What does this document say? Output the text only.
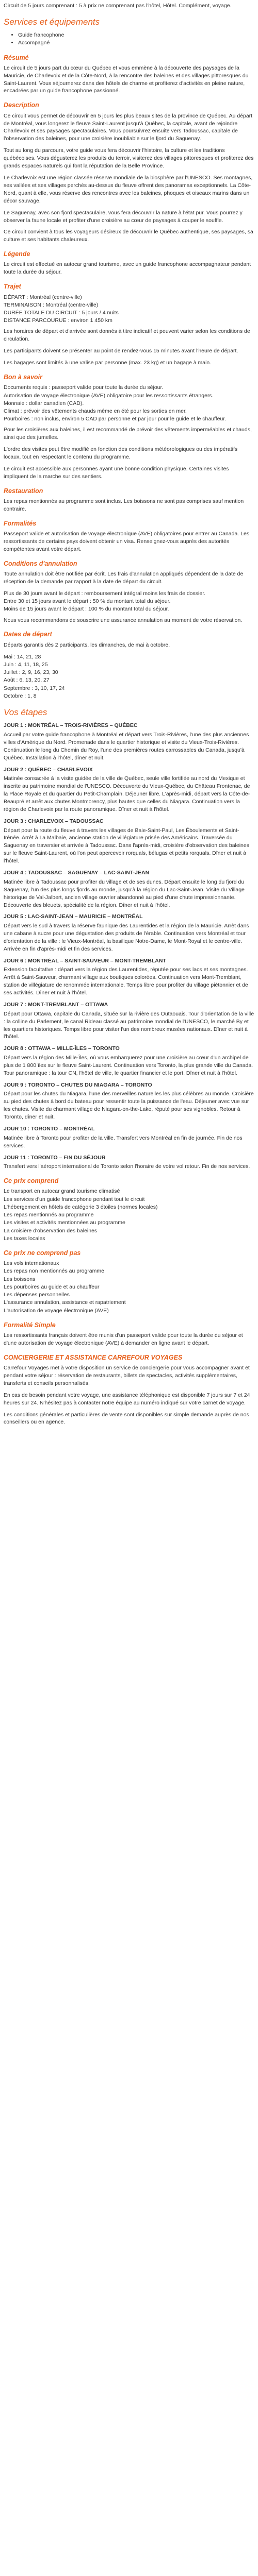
Circuit de 5 jours comprenant : 5 à prix ne comprenant pas l'hôtel, Hôtel. Complément, voyage.

Services et équipements
• Guide francophone
• Accompagné
Résumé

Le circuit de 5 jours part du cœur du Québec et vous emmène à la découverte des paysages de la Mauricie, de Charlevoix et de la Côte-Nord, à la rencontre des baleines et des villages pittoresques du Saint-Laurent. Vous séjournerez dans des hôtels de charme et profiterez d'activités en pleine nature, encadrées par un guide francophone passionné.

Description

Ce circuit vous permet de découvrir en 5 jours les plus beaux sites de la province de Québec. Au départ de Montréal, vous longerez le fleuve Saint-Laurent jusqu'à Québec, la capitale, avant de rejoindre Charlevoix et ses paysages spectaculaires. Vous poursuivrez ensuite vers Tadoussac, capitale de l'observation des baleines, pour une croisière inoubliable sur le fjord du Saguenay.

Tout au long du parcours, votre guide vous fera découvrir l'histoire, la culture et les traditions québécoises. Vous dégusterez les produits du terroir, visiterez des villages pittoresques et profiterez des grands espaces naturels qui font la réputation de la Belle Province.

Le Charlevoix est une région classée réserve mondiale de la biosphère par l'UNESCO. Ses montagnes, ses vallées et ses villages perchés au-dessus du fleuve offrent des panoramas exceptionnels. La Côte-Nord, quant à elle, vous réserve des rencontres avec les baleines, phoques et oiseaux marins dans un décor sauvage.

Le Saguenay, avec son fjord spectaculaire, vous fera découvrir la nature à l'état pur. Vous pourrez y observer la faune locale et profiter d'une croisière au cœur de paysages à couper le souffle.

Ce circuit convient à tous les voyageurs désireux de découvrir le Québec authentique, ses paysages, sa culture et ses habitants chaleureux.

Légende

Le circuit est effectué en autocar grand tourisme, avec un guide francophone accompagnateur pendant toute la durée du séjour.

Trajet

DÉPART : Montréal (centre-ville)

TERMINAISON : Montréal (centre-ville)

DURÉE TOTALE DU CIRCUIT : 5 jours / 4 nuits

DISTANCE PARCOURUE : environ 1 450 km

Les horaires de départ et d'arrivée sont donnés à titre indicatif et peuvent varier selon les conditions de circulation.

Les participants doivent se présenter au point de rendez-vous 15 minutes avant l'heure de départ.

Les bagages sont limités à une valise par personne (max. 23 kg) et un bagage à main.

Bon à savoir

Documents requis : passeport valide pour toute la durée du séjour.

Autorisation de voyage électronique (AVE) obligatoire pour les ressortissants étrangers.

Monnaie : dollar canadien (CAD).

Climat : prévoir des vêtements chauds même en été pour les sorties en mer.

Pourboires : non inclus, environ 5 CAD par personne et par jour pour le guide et le chauffeur.

Pour les croisières aux baleines, il est recommandé de prévoir des vêtements imperméables et chauds, ainsi que des jumelles.

L'ordre des visites peut être modifié en fonction des conditions météorologiques ou des impératifs locaux, tout en respectant le contenu du programme.

Le circuit est accessible aux personnes ayant une bonne condition physique. Certaines visites impliquent de la marche sur des sentiers.

Restauration

Les repas mentionnés au programme sont inclus. Les boissons ne sont pas comprises sauf mention contraire.

Formalités

Passeport valide et autorisation de voyage électronique (AVE) obligatoires pour entrer au Canada. Les ressortissants de certains pays doivent obtenir un visa. Renseignez-vous auprès des autorités compétentes avant votre départ.

Conditions d'annulation

Toute annulation doit être notifiée par écrit. Les frais d'annulation appliqués dépendent de la date de réception de la demande par rapport à la date de départ du circuit.

Plus de 30 jours avant le départ : remboursement intégral moins les frais de dossier.

Entre 30 et 15 jours avant le départ : 50 % du montant total du séjour.

Moins de 15 jours avant le départ : 100 % du montant total du séjour.

Nous vous recommandons de souscrire une assurance annulation au moment de votre réservation.

Dates de départ

Départs garantis dès 2 participants, les dimanches, de mai à octobre.

Mai : 14, 21, 28

Juin : 4, 11, 18, 25

Juillet : 2, 9, 16, 23, 30

Août : 6, 13, 20, 27

Septembre : 3, 10, 17, 24

Octobre : 1, 8

Vos étapes

JOUR 1 : MONTRÉAL – TROIS-RIVIÈRES – QUÉBEC

Accueil par votre guide francophone à Montréal et départ vers Trois-Rivières, l'une des plus anciennes villes d'Amérique du Nord. Promenade dans le quartier historique et visite du Vieux-Trois-Rivières. Continuation le long du Chemin du Roy, l'une des premières routes carrossables du Canada, jusqu'à Québec. Installation à l'hôtel, dîner et nuit.

JOUR 2 : QUÉBEC – CHARLEVOIX

Matinée consacrée à la visite guidée de la ville de Québec, seule ville fortifiée au nord du Mexique et inscrite au patrimoine mondial de l'UNESCO. Découverte du Vieux-Québec, du Château Frontenac, de la Place Royale et du quartier du Petit-Champlain. Déjeuner libre. L'après-midi, départ vers la Côte-de-Beaupré et arrêt aux chutes Montmorency, plus hautes que celles du Niagara. Continuation vers la région de Charlevoix par la route panoramique. Dîner et nuit à l'hôtel.

JOUR 3 : CHARLEVOIX – TADOUSSAC

Départ pour la route du fleuve à travers les villages de Baie-Saint-Paul, Les Éboulements et Saint-Irénée. Arrêt à La Malbaie, ancienne station de villégiature prisée des Américains. Traversée du Saguenay en traversier et arrivée à Tadoussac. Dans l'après-midi, croisière d'observation des baleines sur le fleuve Saint-Laurent, où l'on peut apercevoir rorquals, bélugas et petits rorquals. Dîner et nuit à l'hôtel.

JOUR 4 : TADOUSSAC – SAGUENAY – LAC-SAINT-JEAN

Matinée libre à Tadoussac pour profiter du village et de ses dunes. Départ ensuite le long du fjord du Saguenay, l'un des plus longs fjords au monde, jusqu'à la région du Lac-Saint-Jean. Visite du Village historique de Val-Jalbert, ancien village ouvrier abandonné au pied d'une chute impressionnante. Découverte des bleuets, spécialité de la région. Dîner et nuit à l'hôtel.

JOUR 5 : LAC-SAINT-JEAN – MAURICIE – MONTRÉAL

Départ vers le sud à travers la réserve faunique des Laurentides et la région de la Mauricie. Arrêt dans une cabane à sucre pour une dégustation des produits de l'érable. Continuation vers Montréal et tour d'orientation de la ville : le Vieux-Montréal, la basilique Notre-Dame, le Mont-Royal et le centre-ville. Arrivée en fin d'après-midi et fin des services.

JOUR 6 : MONTRÉAL – SAINT-SAUVEUR – MONT-TREMBLANT

Extension facultative : départ vers la région des Laurentides, réputée pour ses lacs et ses montagnes. Arrêt à Saint-Sauveur, charmant village aux boutiques colorées. Continuation vers Mont-Tremblant, station de villégiature de renommée internationale. Temps libre pour profiter du village piétonnier et de ses activités. Dîner et nuit à l'hôtel.

JOUR 7 : MONT-TREMBLANT – OTTAWA

Départ pour Ottawa, capitale du Canada, située sur la rivière des Outaouais. Tour d'orientation de la ville : la colline du Parlement, le canal Rideau classé au patrimoine mondial de l'UNESCO, le marché By et les quartiers historiques. Temps libre pour visiter l'un des nombreux musées nationaux. Dîner et nuit à l'hôtel.

JOUR 8 : OTTAWA – MILLE-ÎLES – TORONTO

Départ vers la région des Mille-Îles, où vous embarquerez pour une croisière au cœur d'un archipel de plus de 1 800 îles sur le fleuve Saint-Laurent. Continuation vers Toronto, la plus grande ville du Canada. Tour panoramique : la tour CN, l'hôtel de ville, le quartier financier et le port. Dîner et nuit à l'hôtel.

JOUR 9 : TORONTO – CHUTES DU NIAGARA – TORONTO

Départ pour les chutes du Niagara, l'une des merveilles naturelles les plus célèbres au monde. Croisière au pied des chutes à bord du bateau pour ressentir toute la puissance de l'eau. Déjeuner avec vue sur les chutes. Visite du charmant village de Niagara-on-the-Lake, réputé pour ses vignobles. Retour à Toronto, dîner et nuit.

JOUR 10 : TORONTO – MONTRÉAL

Matinée libre à Toronto pour profiter de la ville. Transfert vers Montréal en fin de journée. Fin de nos services.

JOUR 11 : TORONTO – FIN DU SÉJOUR

Transfert vers l'aéroport international de Toronto selon l'horaire de votre vol retour. Fin de nos services.

Ce prix comprend

Le transport en autocar grand tourisme climatisé

Les services d'un guide francophone pendant tout le circuit

L'hébergement en hôtels de catégorie 3 étoiles (normes locales)

Les repas mentionnés au programme

Les visites et activités mentionnées au programme

La croisière d'observation des baleines

Les taxes locales

Ce prix ne comprend pas

Les vols internationaux

Les repas non mentionnés au programme

Les boissons

Les pourboires au guide et au chauffeur

Les dépenses personnelles

L'assurance annulation, assistance et rapatriement

L'autorisation de voyage électronique (AVE)

Formalité Simple

Les ressortissants français doivent être munis d'un passeport valide pour toute la durée du séjour et d'une autorisation de voyage électronique (AVE) à demander en ligne avant le départ.

CONCIERGERIE ET ASSISTANCE CARREFOUR VOYAGES

Carrefour Voyages met à votre disposition un service de conciergerie pour vous accompagner avant et pendant votre séjour : réservation de restaurants, billets de spectacles, activités supplémentaires, transferts et conseils personnalisés.

En cas de besoin pendant votre voyage, une assistance téléphonique est disponible 7 jours sur 7 et 24 heures sur 24. N'hésitez pas à contacter notre équipe au numéro indiqué sur votre carnet de voyage.

Les conditions générales et particulières de vente sont disponibles sur simple demande auprès de nos conseillers ou en agence.
